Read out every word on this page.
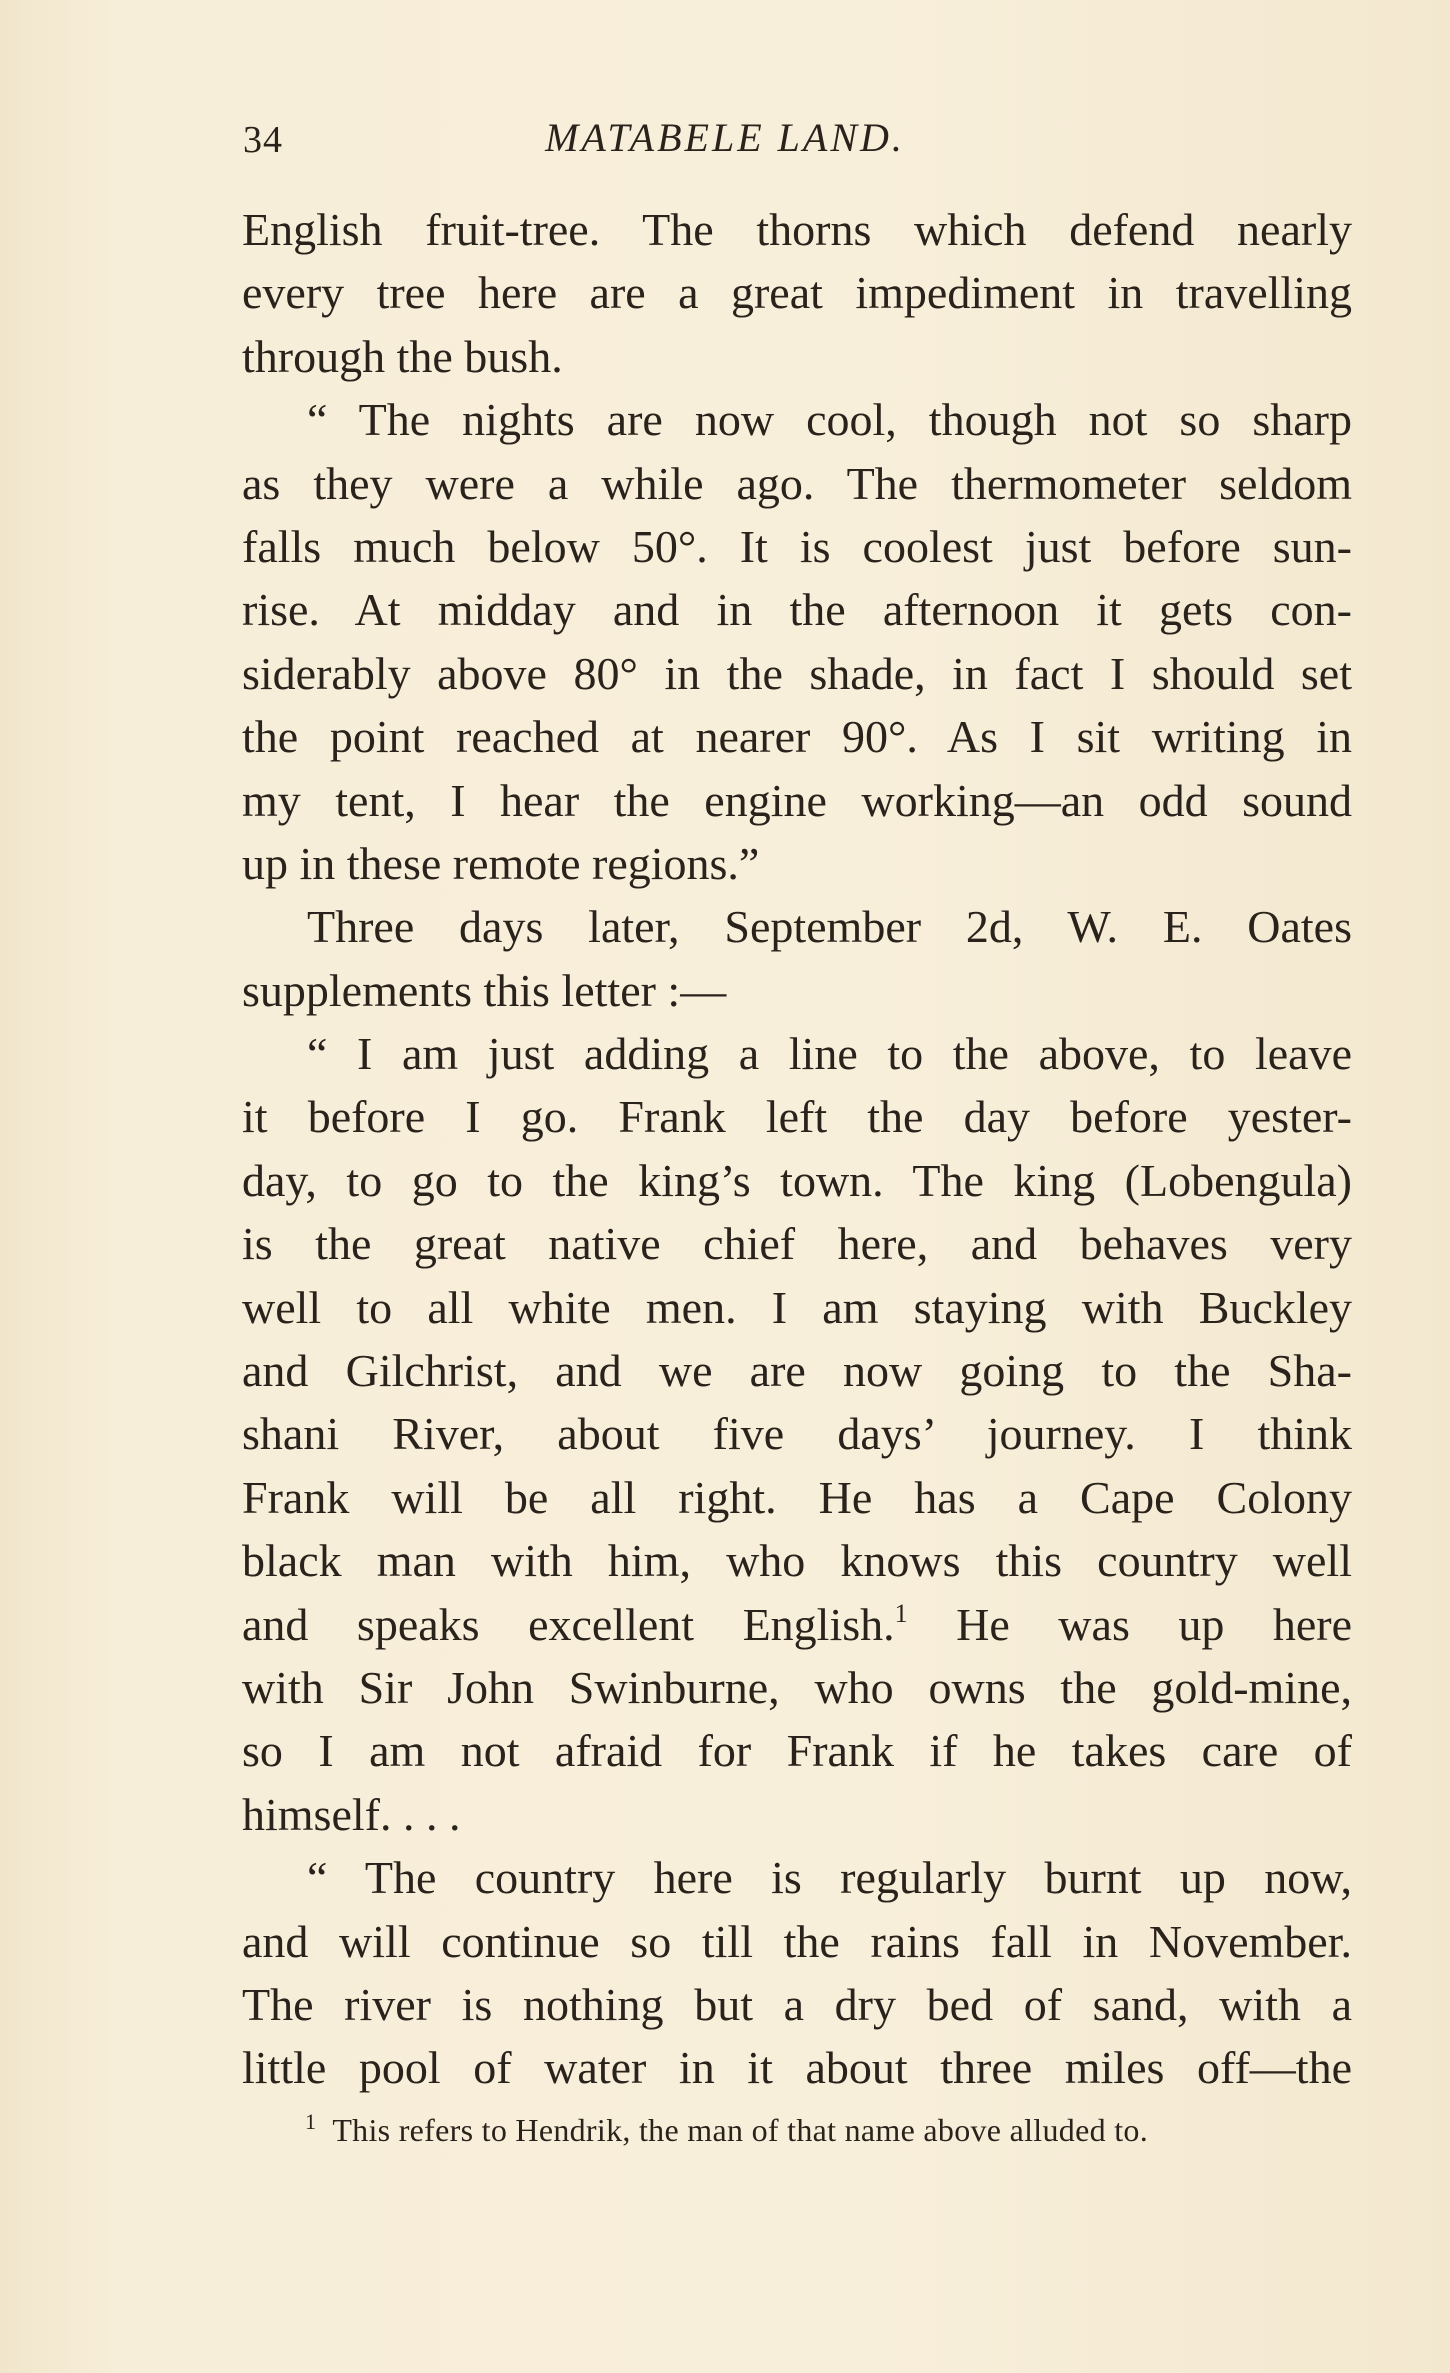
34	MATABELE LAND.
English fruit-tree. The thorns which defend nearly
every tree here are a great impediment in travelling
through the bush.
“ The nights are now cool, though not so sharp
as they were a while ago. The thermometer seldom
falls much below 50°. It is coolest just before sun-
rise. At midday and in the afternoon it gets con-
siderably above 80° in the shade, in fact I should set
the point reached at nearer 90°. As I sit writing in
my tent, I hear the engine working—an odd sound
up in these remote regions.”
Three days later, September 2d, W. E. Oates
supplements this letter :—
“ I am just adding a line to the above, to leave
it before I go. Frank left the day before yester-
day, to go to the king’s town. The king (Lobengula)
is the great native chief here, and behaves very
well to all white men. I am staying with Buckley
and Gilchrist, and we are now going to the Sha-
shani River, about five days’ journey. I think
Frank will be all right. He has a Cape Colony
black man with him, who knows this country well
and speaks excellent English.$^1$ He was up here
with Sir John Swinburne, who owns the gold-mine,
so I am not afraid for Frank if he takes care of
himself. . . .
“ The country here is regularly burnt up now,
and will continue so till the rains fall in November.
The river is nothing but a dry bed of sand, with a
little pool of water in it about three miles off—the
$^1$ This refers to Hendrik, the man of that name above alluded to.
